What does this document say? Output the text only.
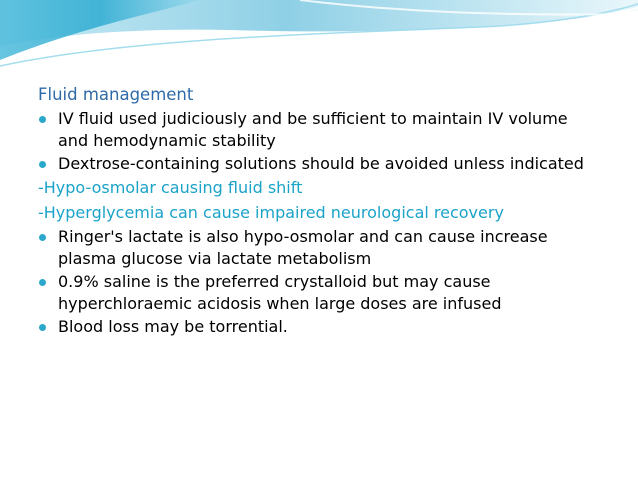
Fluid management
IV fluid used judiciously and be sufficient to maintain IV volume and hemodynamic stability
Dextrose-containing solutions should be avoided unless indicated
-Hypo-osmolar causing fluid shift
-Hyperglycemia can cause impaired neurological recovery
Ringer's lactate is also hypo-osmolar and can cause increase plasma glucose via lactate metabolism
0.9% saline is the preferred crystalloid but may cause hyperchloraemic acidosis when large doses are infused
Blood loss may be torrential.
